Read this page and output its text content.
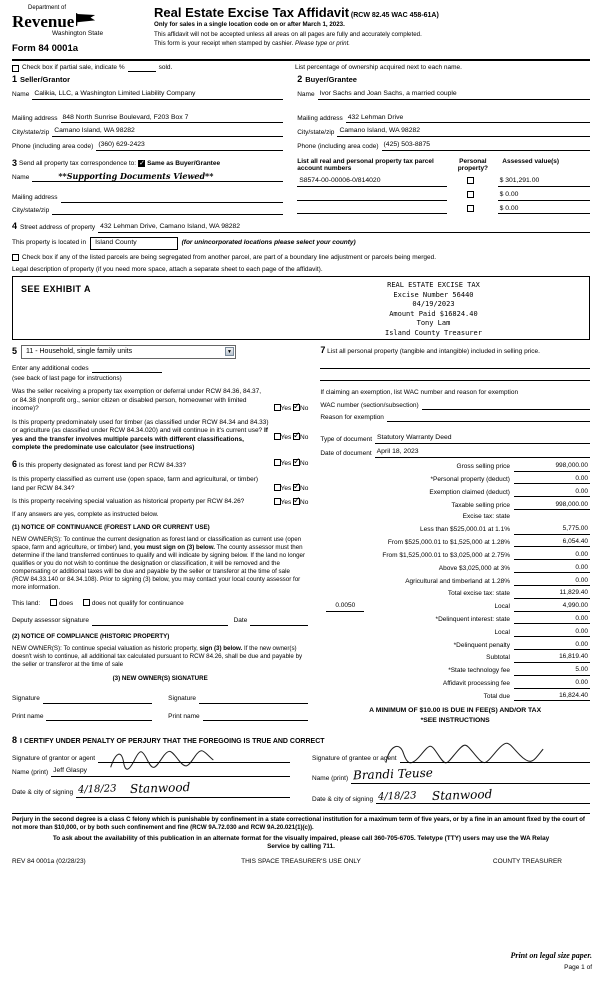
Department of
Revenue
Washington State
Form 84 0001a
Real Estate Excise Tax Affidavit (RCW 82.45 WAC 458-61A)
Only for sales in a single location code on or after March 1, 2023.
This affidavit will not be accepted unless all areas on all pages are fully and accurately completed.
This form is your receipt when stamped by cashier. Please type or print.
Check box if partial sale, indicate %	sold.	List percentage of ownership acquired next to each name.
1 Seller/Grantor
Name Calikia, LLC, a Washington Limited Liability Company
Mailing address 848 North Sunrise Boulevard, F203 Box 7
City/state/zip Camano Island, WA 98282
Phone (including area code) (360) 629-2423
2 Buyer/Grantee
Name Ivor Sachs and Joan Sachs, a married couple
Mailing address 432 Lehman Drive
City/state/zip Camano Island, WA 98282
Phone (including area code) (425) 503-8875
3 Send all property tax correspondence to: ✓ Same as Buyer/Grantee
Name	**Supporting Documents Viewed**
Mailing address
City/state/zip
List all real and personal property tax parcel account numbers
Personal property?
Assessed value(s)
S8574-00-00006-0/814020	$ 301,291.00
$ 0.00
$ 0.00
4 Street address of property 432 Lehman Drive, Camano Island, WA 98282
This property is located in	Island County	(for unincorporated locations please select your county)
Check box if any of the listed parcels are being segregated from another parcel, are part of a boundary line adjustment or parcels being merged.
Legal description of property (if you need more space, attach a separate sheet to each page of the affidavit).
SEE EXHIBIT A	REAL ESTATE EXCISE TAX
Excise Number 56440
04/19/2023
Amount Paid $16824.40
Tony Lam
Island County Treasurer
5 11 - Household, single family units	▼
Enter any additional codes
(see back of last page for instructions)
Was the seller receiving a property tax exemption or deferral under RCW 84.36, 84.37, or 84.38 (nonprofit org., senior citizen or disabled person, homeowner with limited income)?	Yes ✓ No
Is this property predominately used for timber (as classified under RCW 84.34 and 84.33) or agriculture (as classified under RCW 84.34.020) and will continue in it's current use? If yes and the transfer involves multiple parcels with different classifications, complete the predominate use calculator (see instructions)
Yes ✓ No
6 Is this property designated as forest land per RCW 84.33?	Yes ✓ No
Is this property classified as current use (open space, farm and agricultural, or timber) land per RCW 84.34?	Yes ✓ No
Is this property receiving special valuation as historical property per RCW 84.26?	Yes ✓ No
If any answers are yes, complete as instructed below.
(1) NOTICE OF CONTINUANCE (FOREST LAND OR CURRENT USE)
NEW OWNER(S): To continue the current designation as forest land or classification as current use (open space, farm and agriculture, or timber) land, you must sign on (3) below. The county assessor must then determine if the land transferred continues to qualify and will indicate by signing below. If the land no longer qualifies or you do not wish to continue the designation or classification, it will be removed and the compensating or additional taxes will be due and payable by the seller or transferor at the time of sale (RCW 84.33.140 or 84.34.108). Prior to signing (3) below, you may contact your local county assessor for more information.
This land:	does	does not qualify for continuance
Deputy assessor signature	Date
(2) NOTICE OF COMPLIANCE (HISTORIC PROPERTY)
NEW OWNER(S): To continue special valuation as historic property, sign (3) below. If the new owner(s) doesn't wish to continue, all additional tax calculated pursuant to RCW 84.26, shall be due and payable by the seller or transferor at the time of sale
(3) NEW OWNER(S) SIGNATURE
Signature	Signature
Print name	Print name
7 List all personal property (tangible and intangible) included in selling price.
If claiming an exemption, list WAC number and reason for exemption
WAC number (section/subsection)
Reason for exemption
Type of document Statutory Warranty Deed
Date of document April 18, 2023
Gross selling price	998,000.00
*Personal property (deduct)	0.00
Exemption claimed (deduct)	0.00
Taxable selling price	998,000.00
Excise tax: state
Less than $525,000.01 at 1.1%	5,775.00
From $525,000.01 to $1,525,000 at 1.28%	6,054.40
From $1,525,000.01 to $3,025,000 at 2.75%	0.00
Above $3,025,000 at 3%	0.00
Agricultural and timberland at 1.28%	0.00
Total excise tax: state	11,829.40
0.0050	Local	4,990.00
*Delinquent interest: state	0.00
Local	0.00
*Delinquent penalty	0.00
Subtotal	16,819.40
*State technology fee	5.00
Affidavit processing fee	0.00
Total due	16,824.40
A MINIMUM OF $10.00 IS DUE IN FEE(S) AND/OR TAX
*SEE INSTRUCTIONS
8 I CERTIFY UNDER PENALTY OF PERJURY THAT THE FOREGOING IS TRUE AND CORRECT
Signature of grantor or agent
Name (print) Jeff Glaspy
Date & city of signing 4/18/23 Stanwood
Signature of grantee or agent
Name (print) Brandi Teuse
Date & city of signing 4/18/23 Stanwood
Perjury in the second degree is a class C felony which is punishable by confinement in a state correctional institution for a maximum term of five years, or by a fine in an amount fixed by the court of not more than $10,000, or by both such confinement and fine (RCW 9A.72.030 and RCW 9A.20.021(1)(c)).
To ask about the availability of this publication in an alternate format for the visually impaired, please call 360-705-6705. Teletype (TTY) users may use the WA Relay Service by calling 711.
REV 84 0001a (02/28/23)	THIS SPACE TREASURER'S USE ONLY	COUNTY TREASURER
Print on legal size paper.
Page 1 of
